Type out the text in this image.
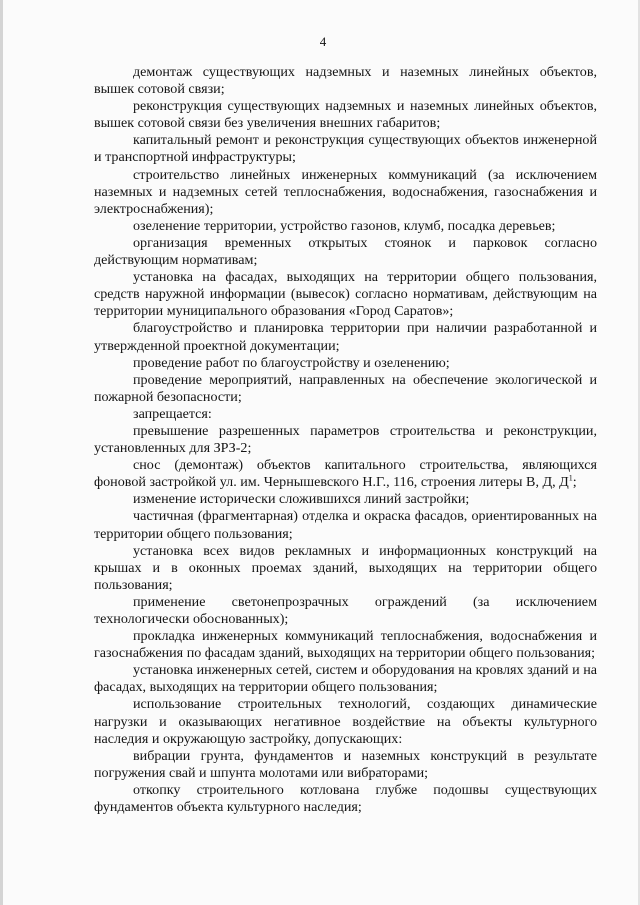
4

демонтаж существующих надземных и наземных линейных объектов, вышек сотовой связи;

реконструкция существующих надземных и наземных линейных объектов, вышек сотовой связи без увеличения внешних габаритов;

капитальный ремонт и реконструкция существующих объектов инженерной и транспортной инфраструктуры;

строительство линейных инженерных коммуникаций (за исключением наземных и надземных сетей теплоснабжения, водоснабжения, газоснабжения и электроснабжения);

озеленение территории, устройство газонов, клумб, посадка деревьев;

организация временных открытых стоянок и парковок согласно действующим нормативам;

установка на фасадах, выходящих на территории общего пользования, средств наружной информации (вывесок) согласно нормативам, действующим на территории муниципального образования «Город Саратов»;

благоустройство и планировка территории при наличии разработанной и утвержденной проектной документации;

проведение работ по благоустройству и озеленению;

проведение мероприятий, направленных на обеспечение экологической и пожарной безопасности;

запрещается:

превышение разрешенных параметров строительства и реконструкции, установленных для ЗРЗ-2;

снос (демонтаж) объектов капитального строительства, являющихся фоновой застройкой ул. им. Чернышевского Н.Г., 116, строения литеры В, Д, $Д^1$;

изменение исторически сложившихся линий застройки;

частичная (фрагментарная) отделка и окраска фасадов, ориентированных на территории общего пользования;

установка всех видов рекламных и информационных конструкций на крышах и в оконных проемах зданий, выходящих на территории общего пользования;

применение светонепрозрачных ограждений (за исключением технологически обоснованных);

прокладка инженерных коммуникаций теплоснабжения, водоснабжения и газоснабжения по фасадам зданий, выходящих на территории общего пользования;

установка инженерных сетей, систем и оборудования на кровлях зданий и на фасадах, выходящих на территории общего пользования;

использование строительных технологий, создающих динамические нагрузки и оказывающих негативное воздействие на объекты культурного наследия и окружающую застройку, допускающих:

вибрации грунта, фундаментов и наземных конструкций в результате погружения свай и шпунта молотами или вибраторами;

откопку строительного котлована глубже подошвы существующих фундаментов объекта культурного наследия;
